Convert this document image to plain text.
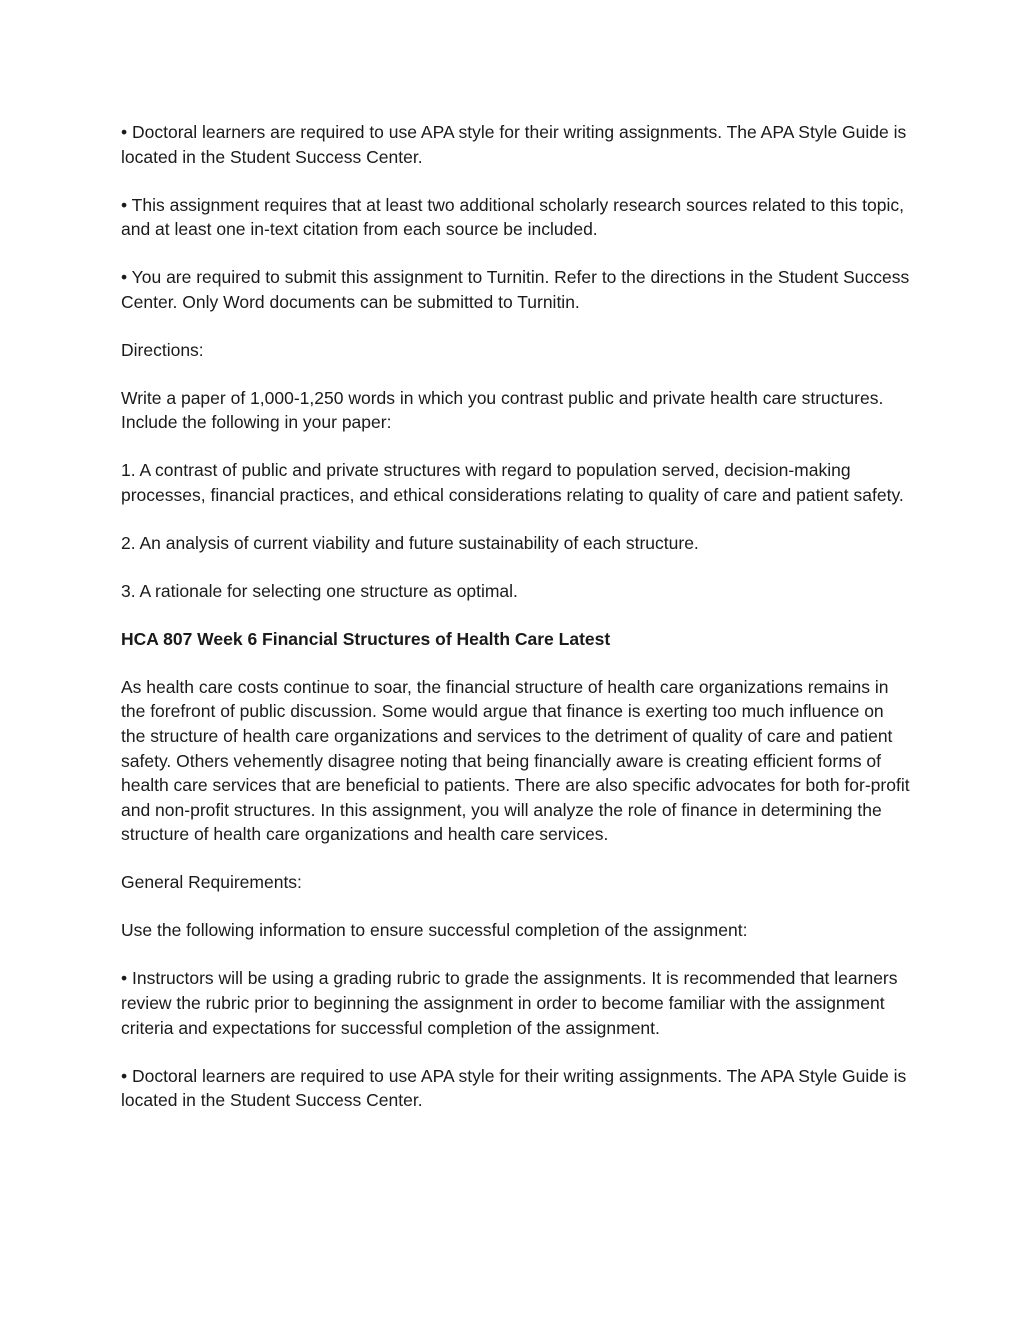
• Doctoral learners are required to use APA style for their writing assignments. The APA Style Guide is located in the Student Success Center.

• This assignment requires that at least two additional scholarly research sources related to this topic, and at least one in-text citation from each source be included.

• You are required to submit this assignment to Turnitin. Refer to the directions in the Student Success Center. Only Word documents can be submitted to Turnitin.

Directions:

Write a paper of 1,000-1,250 words in which you contrast public and private health care structures. Include the following in your paper:

1. A contrast of public and private structures with regard to population served, decision-making processes, financial practices, and ethical considerations relating to quality of care and patient safety.

2. An analysis of current viability and future sustainability of each structure.

3. A rationale for selecting one structure as optimal.

HCA 807 Week 6 Financial Structures of Health Care Latest

As health care costs continue to soar, the financial structure of health care organizations remains in the forefront of public discussion. Some would argue that finance is exerting too much influence on the structure of health care organizations and services to the detriment of quality of care and patient safety. Others vehemently disagree noting that being financially aware is creating efficient forms of health care services that are beneficial to patients. There are also specific advocates for both for-profit and non-profit structures. In this assignment, you will analyze the role of finance in determining the structure of health care organizations and health care services.

General Requirements:

Use the following information to ensure successful completion of the assignment:

• Instructors will be using a grading rubric to grade the assignments. It is recommended that learners review the rubric prior to beginning the assignment in order to become familiar with the assignment criteria and expectations for successful completion of the assignment.

• Doctoral learners are required to use APA style for their writing assignments. The APA Style Guide is located in the Student Success Center.
